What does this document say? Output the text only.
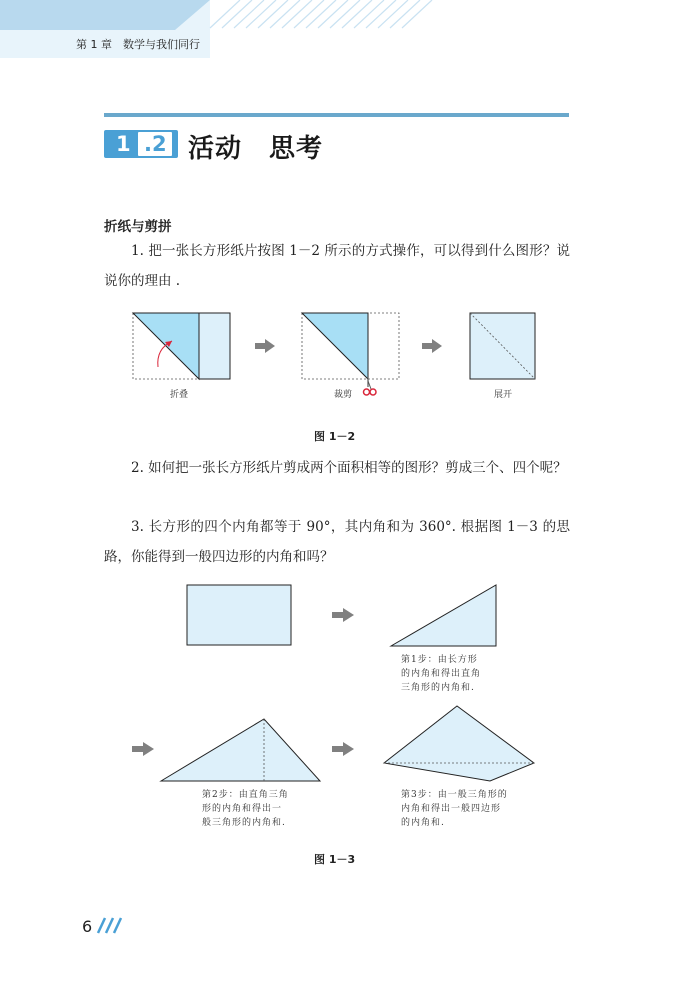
第 1 章　数学与我们同行
1 .2 活动　思考
折纸与剪拼
1. 把一张长方形纸片按图 1－2 所示的方式操作，可以得到什么图形？说说你的理由 .
折叠	裁剪	展开
图 1－2
2. 如何把一张长方形纸片剪成两个面积相等的图形？剪成三个、四个呢？
3. 长方形的四个内角都等于 90°，其内角和为 360°. 根据图 1－3 的思路，你能得到一般四边形的内角和吗？
第1步：由长方形
的内角和得出直角
三角形的内角和.
第2步：由直角三角
形的内角和得出一
般三角形的内角和.
第3步：由一般三角形的
内角和得出一般四边形
的内角和.
图 1－3
6
